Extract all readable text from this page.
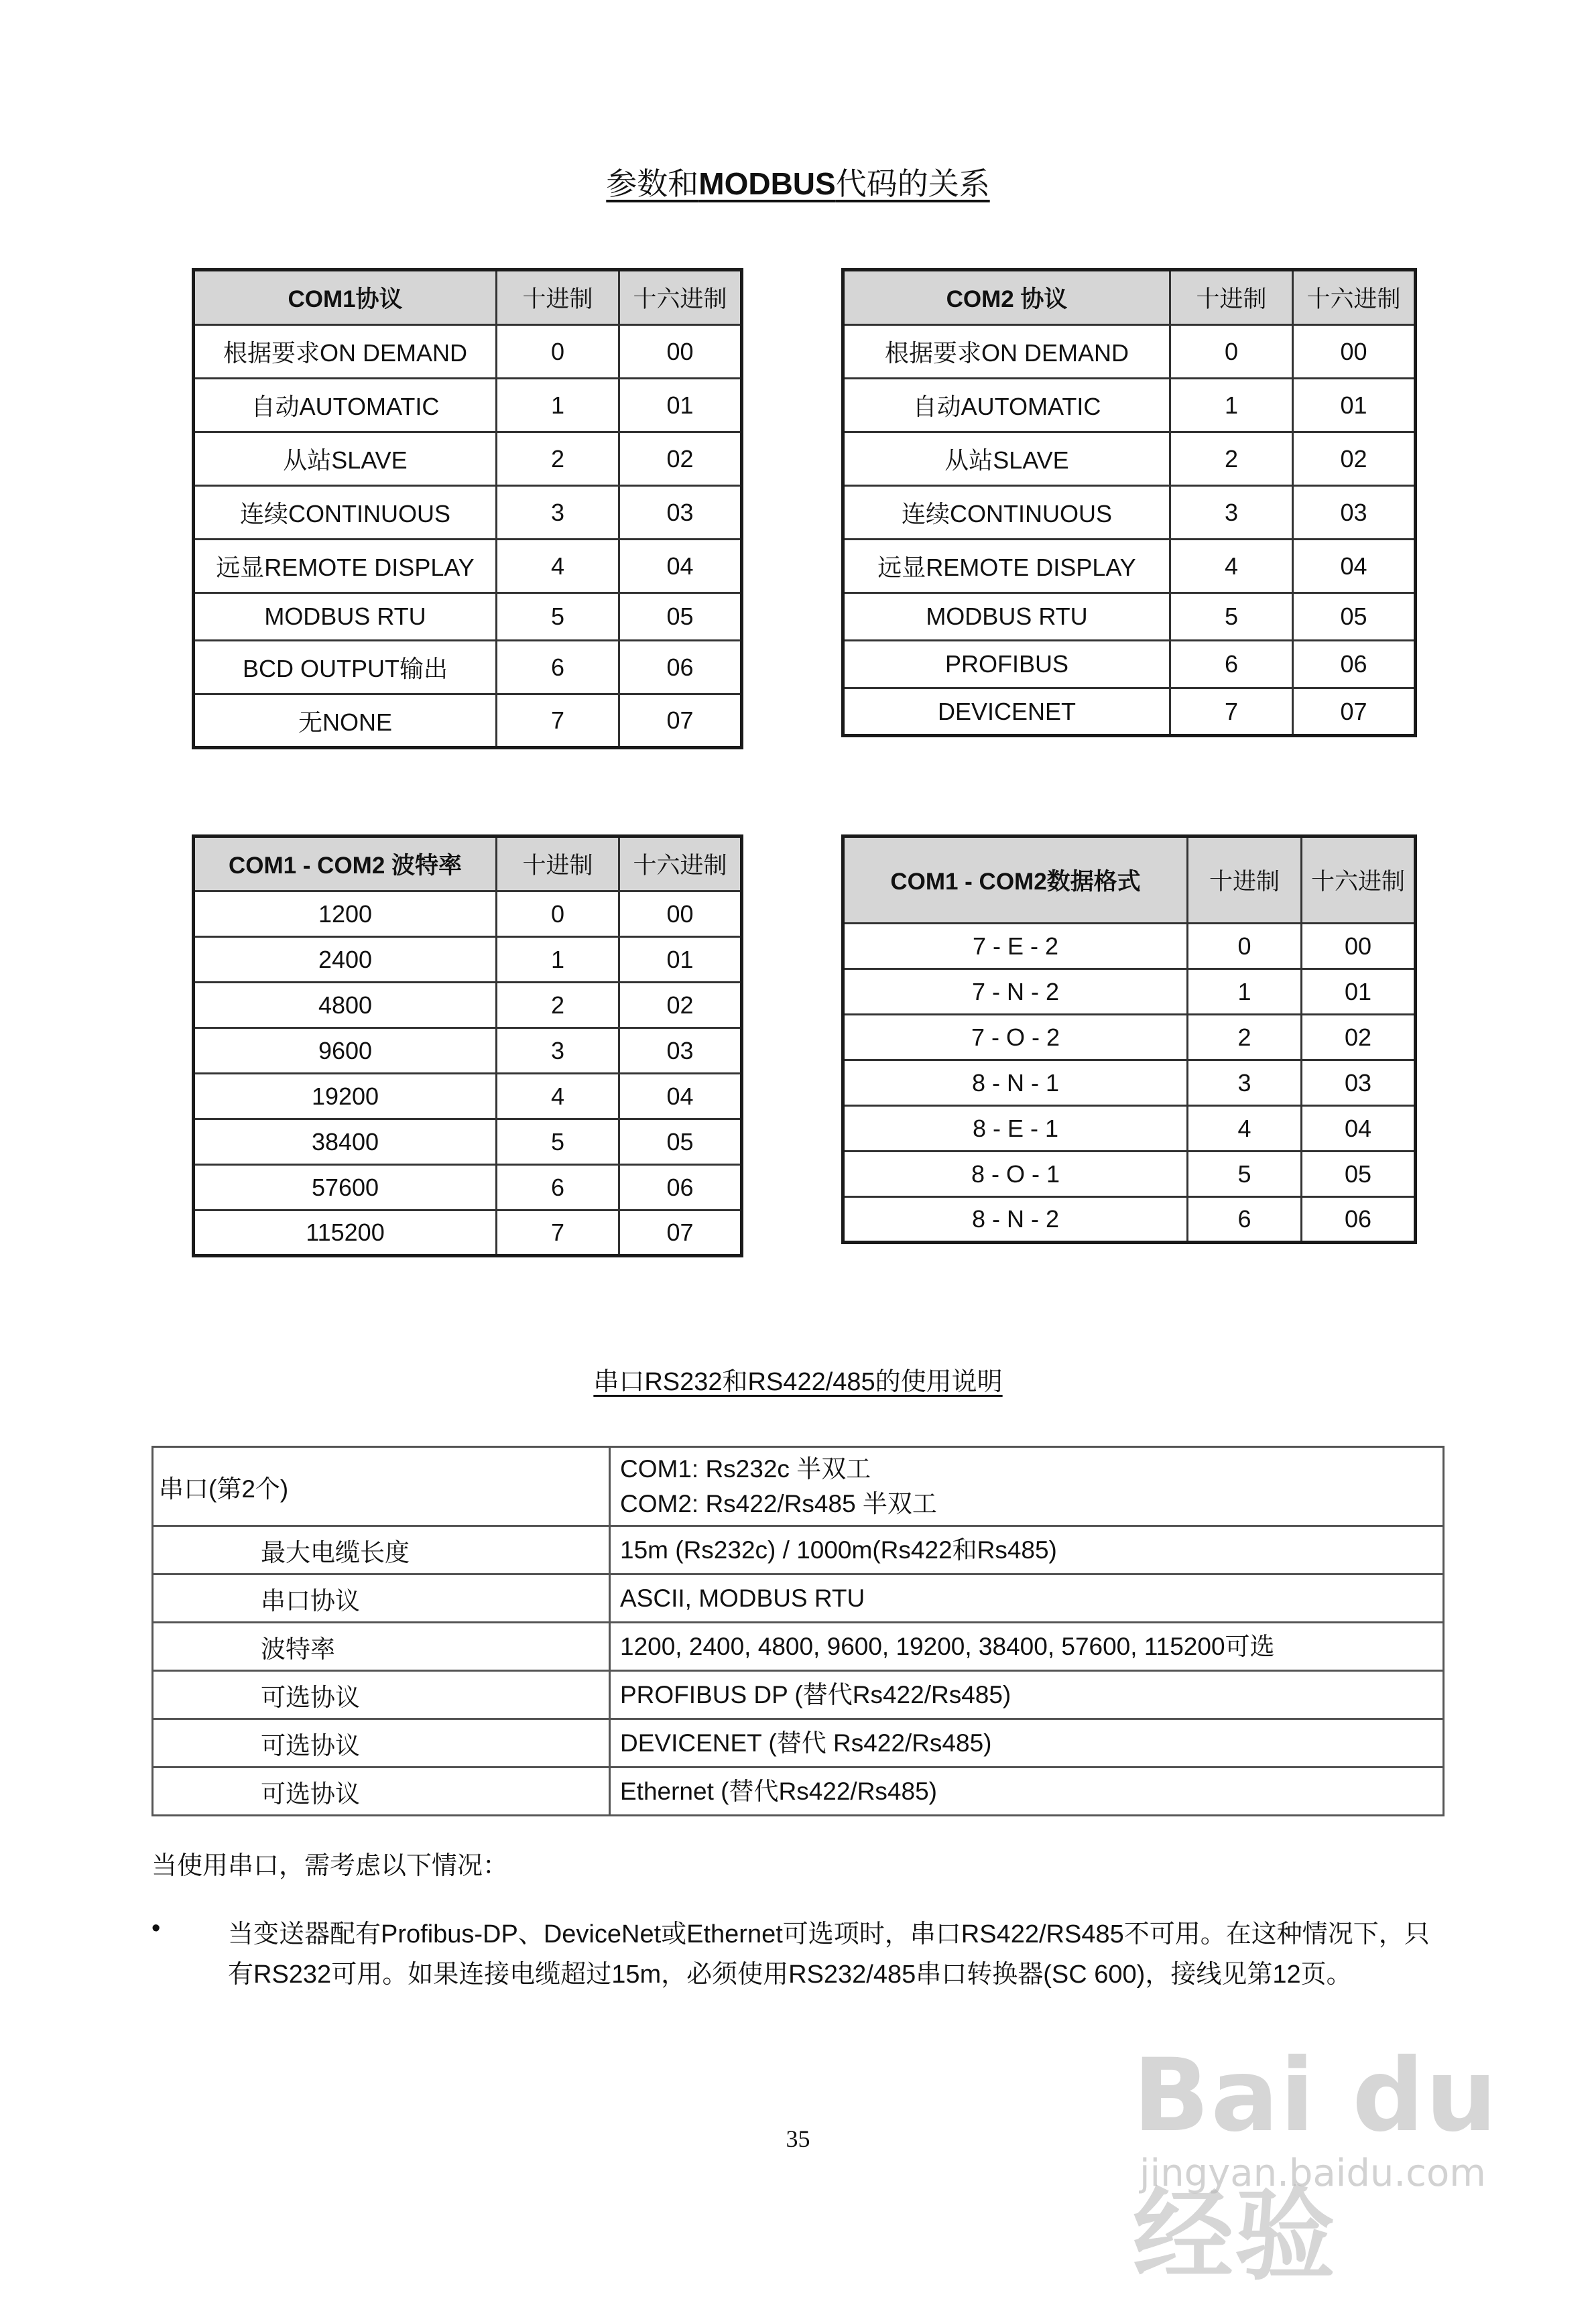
参数和MODBUS代码的关系
COM1协议	十进制	十六进制
根据要求ON DEMAND	0	00
自动AUTOMATIC	1	01
从站SLAVE	2	02
连续CONTINUOUS	3	03
远显REMOTE DISPLAY	4	04
MODBUS RTU	5	05
BCD OUTPUT输出	6	06
无NONE	7	07
COM2 协议	十进制	十六进制
根据要求ON DEMAND	0	00
自动AUTOMATIC	1	01
从站SLAVE	2	02
连续CONTINUOUS	3	03
远显REMOTE DISPLAY	4	04
MODBUS RTU	5	05
PROFIBUS	6	06
DEVICENET	7	07
COM1 - COM2 波特率	十进制	十六进制
1200	0	00
2400	1	01
4800	2	02
9600	3	03
19200	4	04
38400	5	05
57600	6	06
115200	7	07
COM1 - COM2数据格式	十进制	十六进制
7 - E - 2	0	00
7 - N - 2	1	01
7 - O - 2	2	02
8 - N - 1	3	03
8 - E - 1	4	04
8 - O - 1	5	05
8 - N - 2	6	06
串口RS232和RS422/485的使用说明
串口(第2个)	COM1: Rs232c 半双工
COM2: Rs422/Rs485 半双工

最大电缆长度	15m (Rs232c) / 1000m(Rs422和Rs485)

串口协议	ASCII, MODBUS RTU

波特率	1200, 2400, 4800, 9600, 19200, 38400, 57600, 115200可选

可选协议	PROFIBUS DP (替代Rs422/Rs485)

可选协议	DEVICENET (替代 Rs422/Rs485)

可选协议	Ethernet (替代Rs422/Rs485)
当使用串口，需考虑以下情况：
•	当变送器配有Profibus-DP、DeviceNet或Ethernet可选项时，串口RS422/RS485不可用。在这种情况下，只有RS232可用。如果连接电缆超过15m，必须使用RS232/485串口转换器(SC 600)，接线见第12页。
35	Bai du 经验
jingyan.baidu.com
